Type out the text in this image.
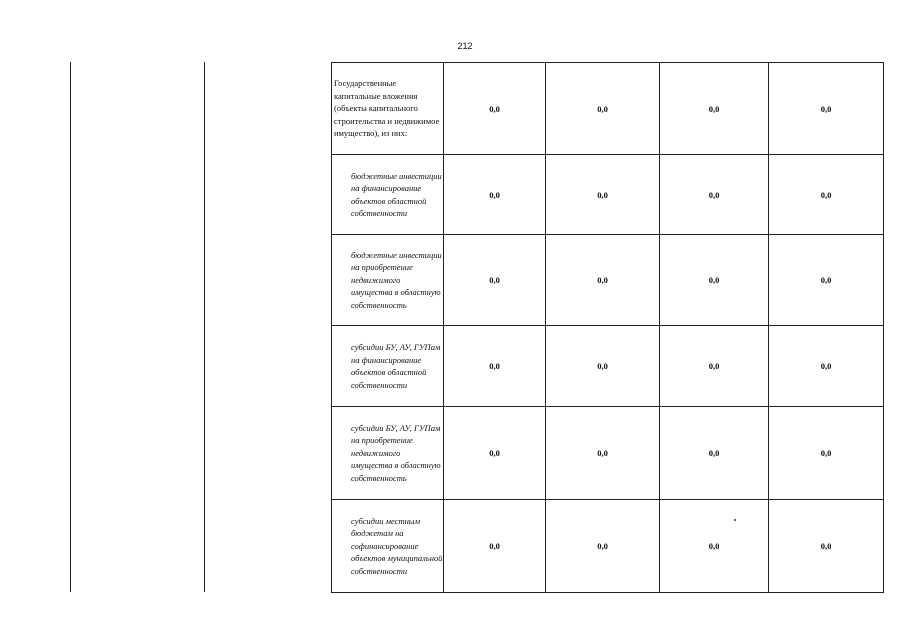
212
Государственные капитальные вложения (объекты капитального строительства и недвижимое имущество), из них:	0,0	0,0	0,0	0,0
бюджетные инвестиции на финансирование объектов областной собственности	0,0	0,0	0,0	0,0
бюджетные инвестиции на приобретение недвижимого имущества в областную собственность	0,0	0,0	0,0	0,0
субсидии БУ, АУ, ГУПам на финансирование объектов областной собственности	0,0	0,0	0,0	0,0
субсидии БУ, АУ, ГУПам на приобретение недвижимого имущества в областную собственность	0,0	0,0	0,0	0,0
субсидии местным бюджетам на софинансирование объектов муниципальной собственности	0,0	0,0	0,0	0,0
